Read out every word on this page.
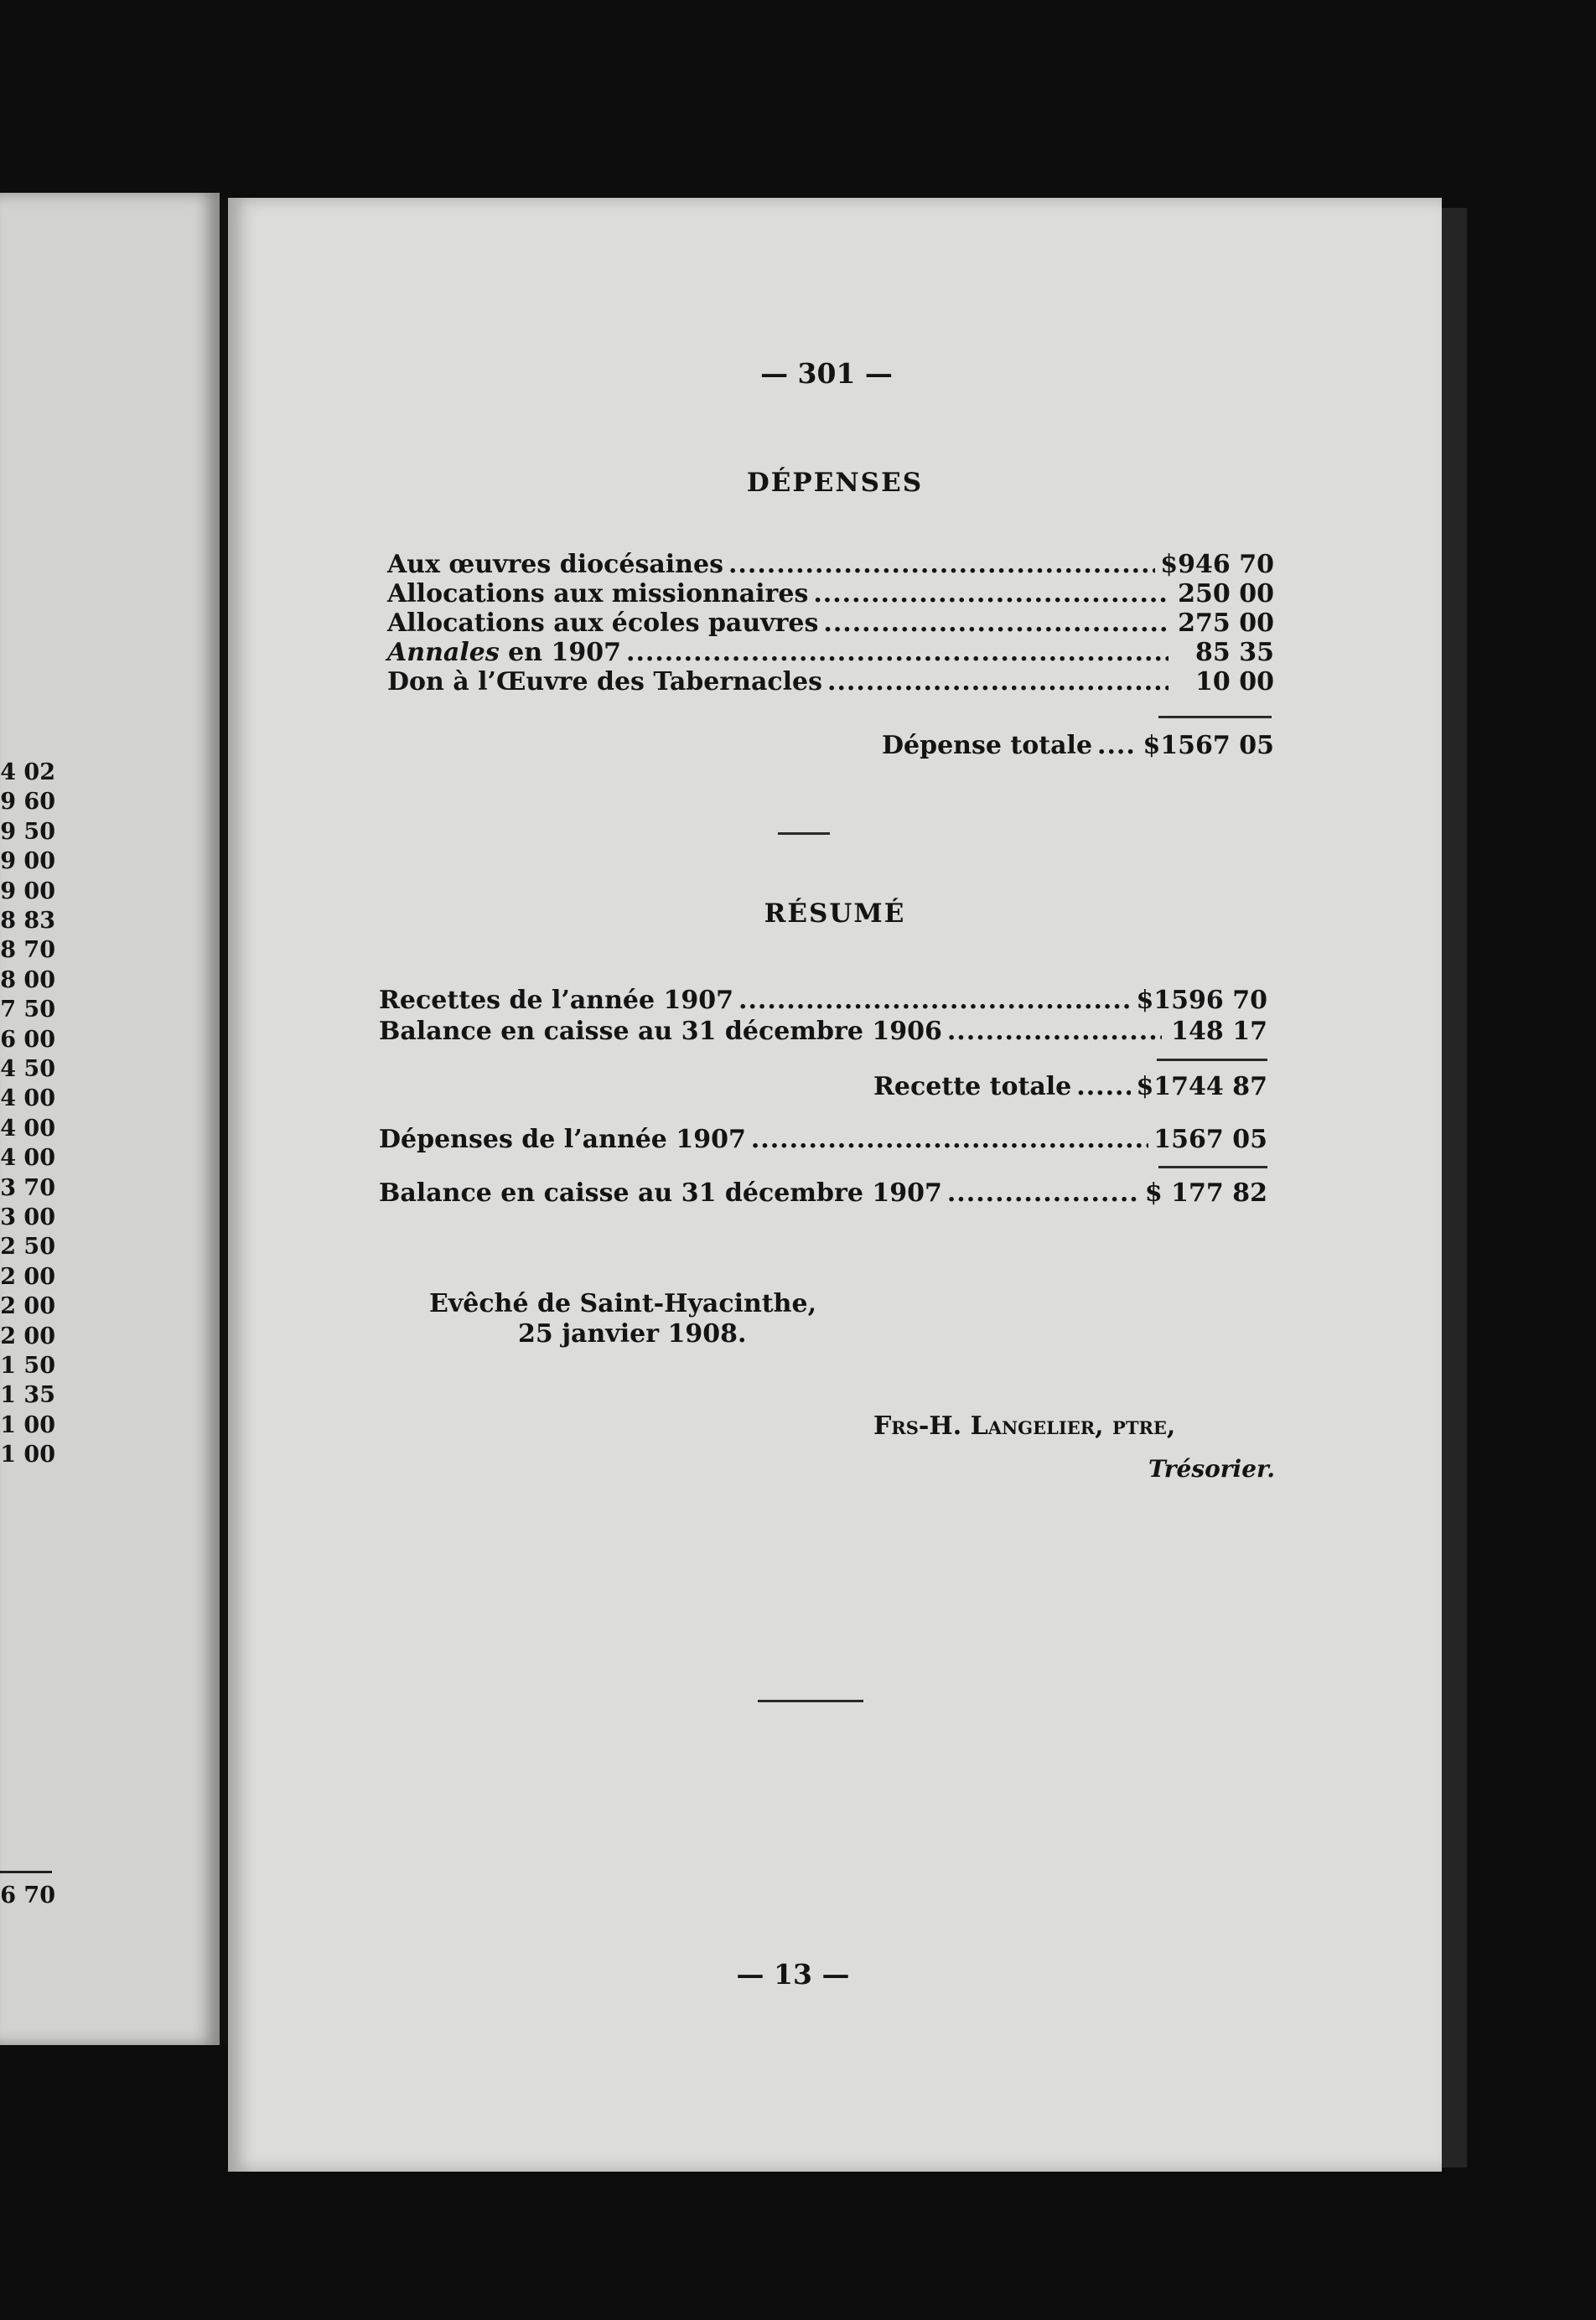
4 02
9 60
9 50
9 00
9 00
8 83
8 70
8 00
7 50
6 00
4 50
4 00
4 00
4 00
3 70
3 00
2 50
2 00
2 00
2 00
1 50
1 35
1 00
1 00
— 301 —
DÉPENSES
Aux œuvres diocésaines .....	$946 70
Allocations aux missionnaires .....	250 00
Allocations aux écoles pauvres .....	275 00
Annales en 1907 .....	85 35
Don à l’Œuvre des Tabernacles .....	10 00
Dépense totale ..... $1567 05
RÉSUMÉ
Recettes de l’année 1907 .....	$1596 70
Balance en caisse au 31 décembre 1906 .....	148 17
Recette totale .....	$1744 87
Dépenses de l’année 1907 .....	1567 05
Balance en caisse au 31 décembre 1907 .....	$ 177 82
Evêché de Saint-Hyacinthe,
25 janvier 1908.
Frs-H. Langelier, ptre,
Trésorier.
— 13 —
6 70
